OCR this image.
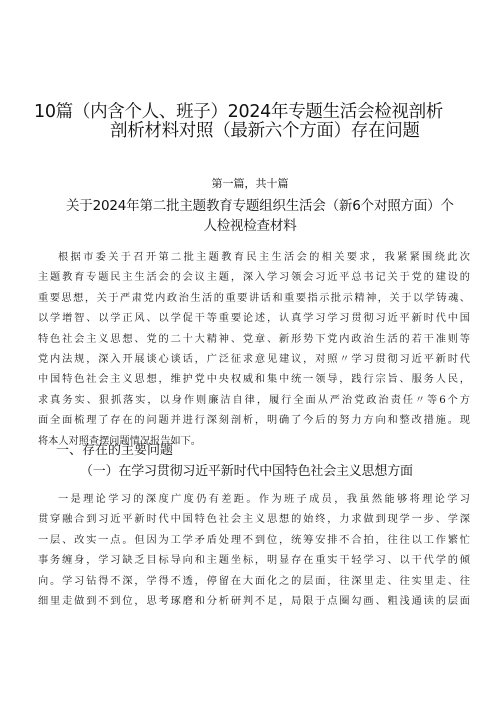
10篇（内含个人、班子）2024年专题生活会检视剖析
剖析材料对照（最新六个方面）存在问题
第一篇，共十篇
关于2024年第二批主题教育专题组织生活会（新6个对照方面）个
人检视检查材料
根据市委关于召开第二批主题教育民主生活会的相关要求，我紧紧围绕此次
主题教育专题民主生活会的会议主题，深入学习领会习近平总书记关于党的建设的
重要思想，关于严肃党内政治生活的重要讲话和重要指示批示精神，关于以学铸魂、
以学增智、以学正风、以学促干等重要论述，认真学习学习贯彻习近平新时代中国
特色社会主义思想、党的二十大精神、党章、新形势下党内政治生活的若干准则等
党内法规，深入开展谈心谈话，广泛征求意见建议，对照〃学习贯彻习近平新时代
中国特色社会主义思想，维护党中央权威和集中统一领导，践行宗旨、服务人民，
求真务实、狠抓落实，以身作则廉洁自律，履行全面从严治党政治责任〃等6个方
面全面梳理了存在的问题并进行深刻剖析，明确了今后的努力方向和整改措施。现
将本人对照查摆问题情况报告如下。
一、存在的主要问题
（一）在学习贯彻习近平新时代中国特色社会主义思想方面
一是理论学习的深度广度仍有差距。作为班子成员，我虽然能够将理论学习
贯穿融合到习近平新时代中国特色社会主义思想的始终，力求做到现学一步、学深
一层、改实一点。但因为工学矛盾处理不到位，统筹安排不合拍，往往以工作繁忙
事务缠身，学习缺乏目标导向和主题坐标，明显存在重实干轻学习、以干代学的倾
向。学习钻得不深，学得不透，停留在大面化之的层面，往深里走、往实里走、往
细里走做到不到位，思考琢磨和分析研判不足，局限于点圈勾画、粗浅通读的层面
